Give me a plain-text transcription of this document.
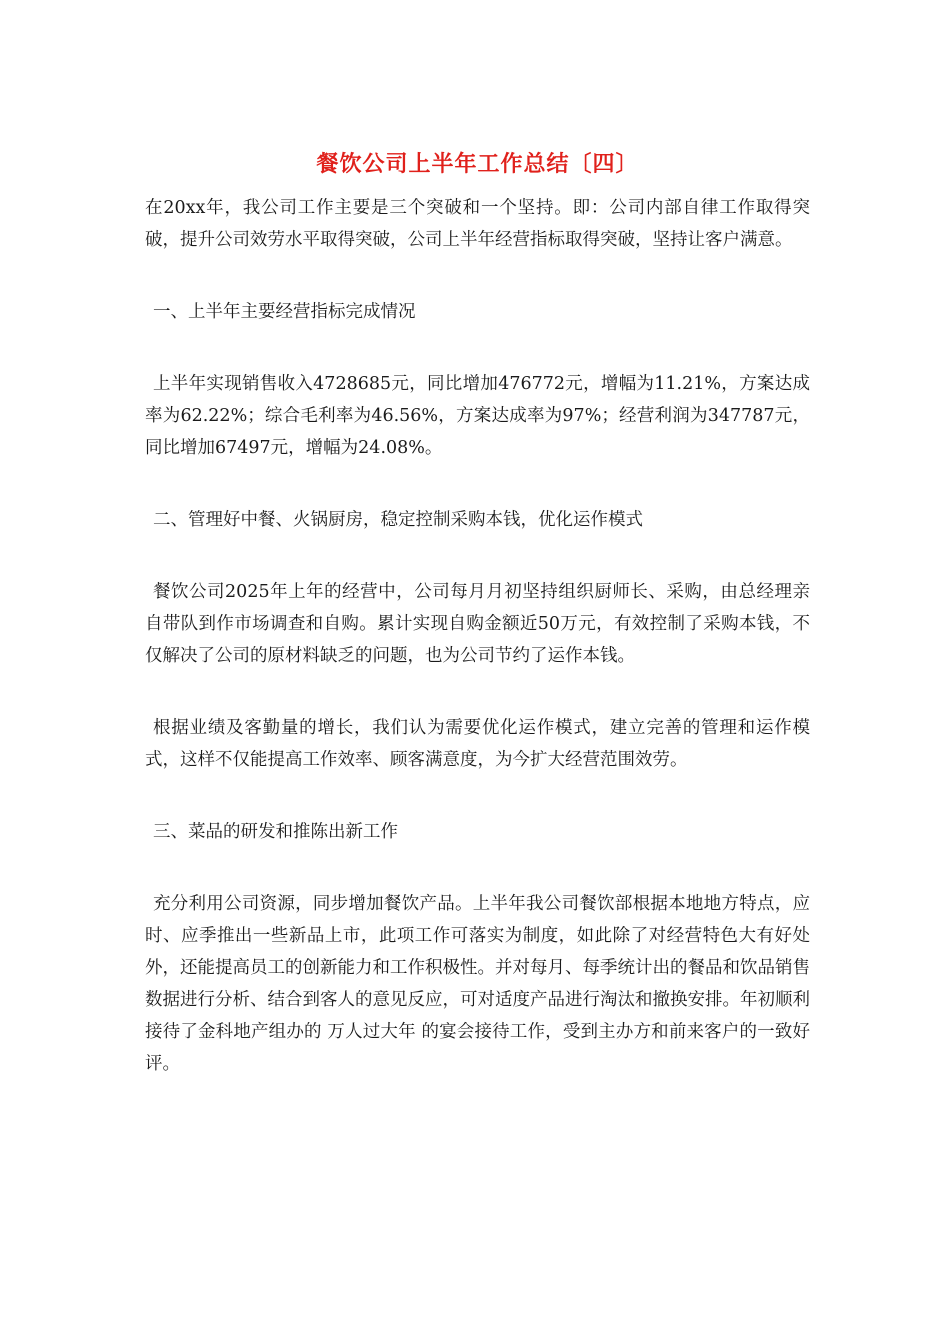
餐饮公司上半年工作总结〔四〕

在20xx年，我公司工作主要是三个突破和一个坚持。即：公司内部自律工作取得突破，提升公司效劳水平取得突破，公司上半年经营指标取得突破，坚持让客户满意。

一、上半年主要经营指标完成情况

上半年实现销售收入4728685元，同比增加476772元，增幅为11.21%，方案达成率为62.22%；综合毛利率为46.56%，方案达成率为97%；经营利润为347787元，同比增加67497元，增幅为24.08%。

二、管理好中餐、火锅厨房，稳定控制采购本钱，优化运作模式

餐饮公司2025年上年的经营中，公司每月月初坚持组织厨师长、采购，由总经理亲自带队到作市场调查和自购。累计实现自购金额近50万元，有效控制了采购本钱，不仅解决了公司的原材料缺乏的问题，也为公司节约了运作本钱。

根据业绩及客勤量的增长，我们认为需要优化运作模式，建立完善的管理和运作模式，这样不仅能提高工作效率、顾客满意度，为今扩大经营范围效劳。

三、菜品的研发和推陈出新工作

充分利用公司资源，同步增加餐饮产品。上半年我公司餐饮部根据本地地方特点，应时、应季推出一些新品上市，此项工作可落实为制度，如此除了对经营特色大有好处外，还能提高员工的创新能力和工作积极性。并对每月、每季统计出的餐品和饮品销售数据进行分析、结合到客人的意见反应，可对适度产品进行淘汰和撤换安排。年初顺利接待了金科地产组办的 万人过大年 的宴会接待工作，受到主办方和前来客户的一致好评。
